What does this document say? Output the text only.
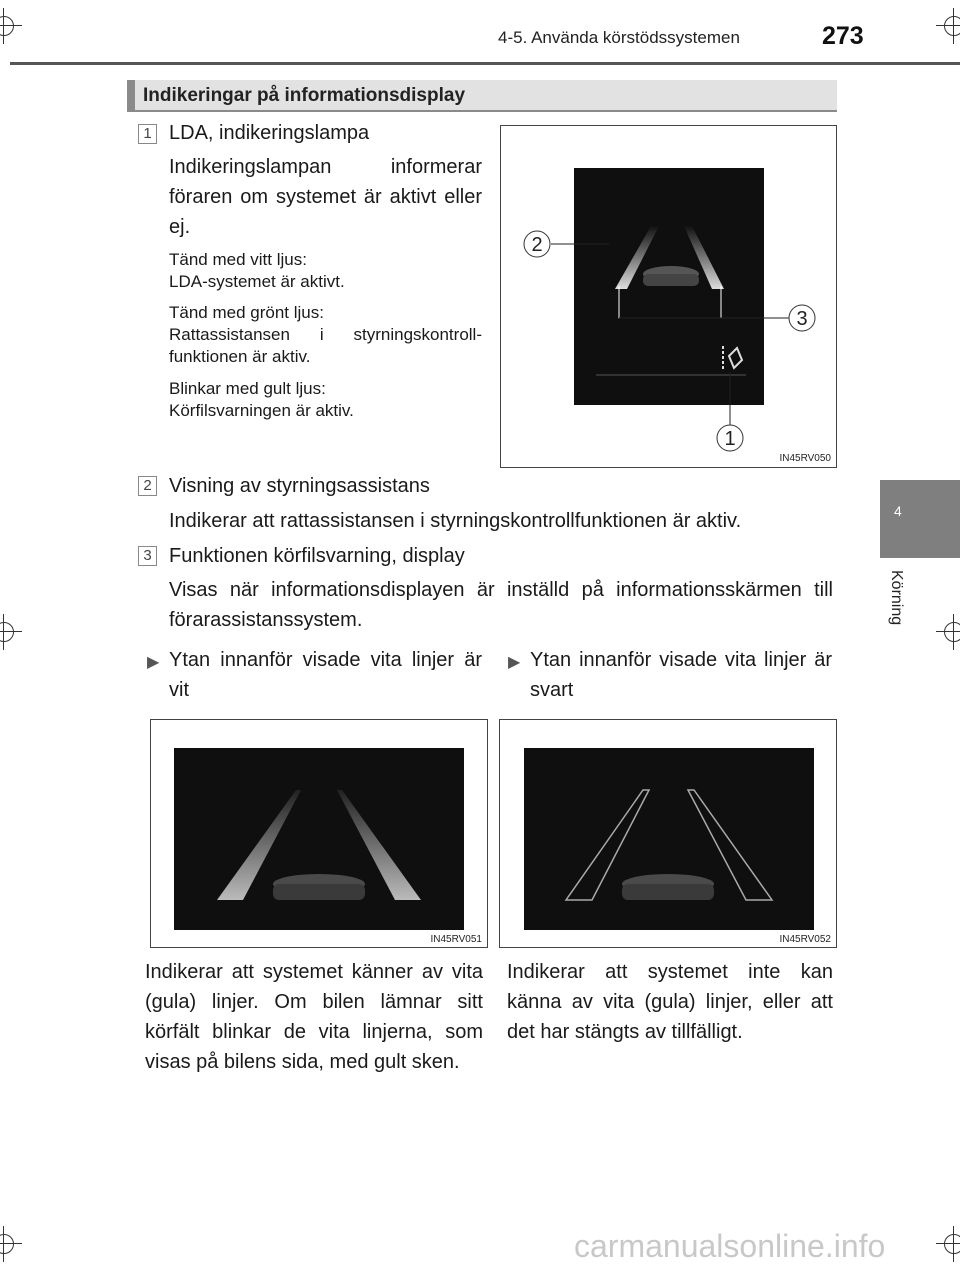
4-5. Använda körstödssystemen	273
4
Körning
Indikeringar på informationsdisplay
1 LDA, indikeringslampa
Indikeringslampan informerar föraren om systemet är aktivt eller ej.
Tänd med vitt ljus:
LDA-systemet är aktivt.
Tänd med grönt ljus:
Rattassistansen i styrningskontroll-funktionen är aktiv.
Blinkar med gult ljus:
Körfilsvarningen är aktiv.
2
3
1
IN45RV050
2 Visning av styrningsassistans
Indikerar att rattassistansen i styrningskontrollfunktionen är aktiv.
3 Funktionen körfilsvarning, display
Visas när informationsdisplayen är inställd på informationsskärmen till förarassistanssystem.
▶ Ytan innanför visade vita linjer är vit
▶ Ytan innanför visade vita linjer är svart
IN45RV051	IN45RV052
Indikerar att systemet känner av vita (gula) linjer. Om bilen lämnar sitt körfält blinkar de vita linjerna, som visas på bilens sida, med gult sken.
Indikerar att systemet inte kan känna av vita (gula) linjer, eller att det har stängts av tillfälligt.
carmanualsonline.info
